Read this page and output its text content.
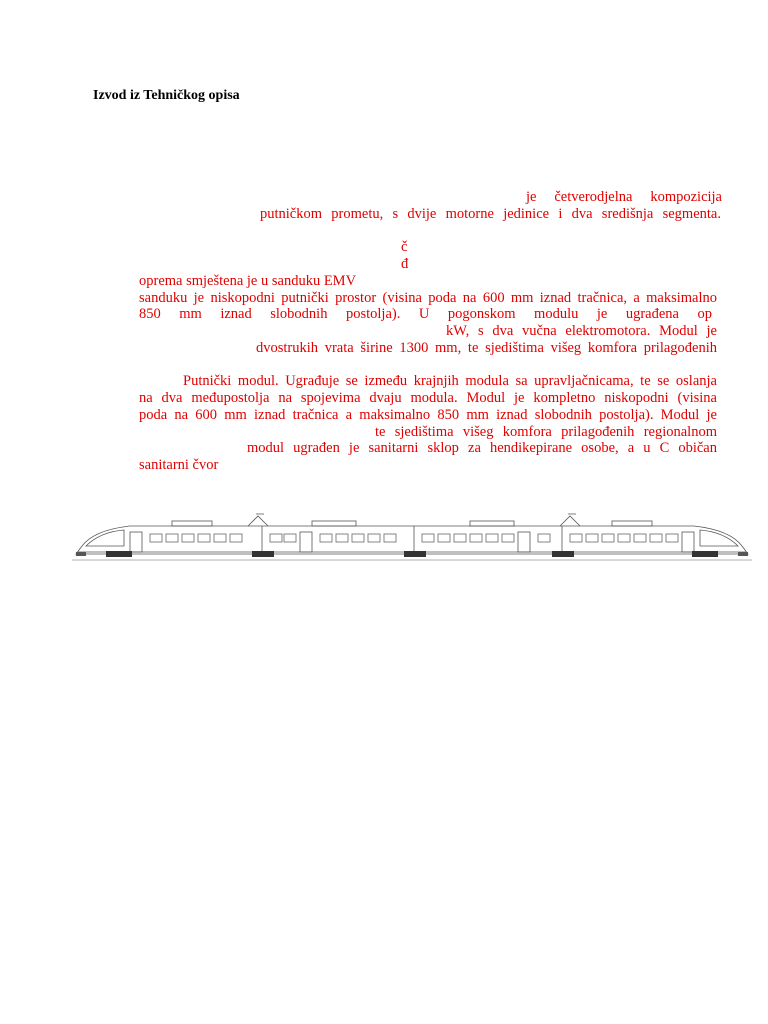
Izvod iz Tehničkog opisa
je četverodjelna kompozicija
putničkom prometu, s dvije motorne jedinice i dva središnja segmenta.
č
đ
oprema smještena je u sanduku EMV
sanduku je niskopodni putnički prostor (visina poda na 600 mm iznad tračnica, a maksimalno
850 mm iznad slobodnih postolja). U pogonskom modulu je ugrađena op
kW, s dva vučna elektromotora. Modul je
dvostrukih vrata širine 1300 mm, te sjedištima višeg komfora prilagođenih
Putnički modul. Ugrađuje se između krajnjih modula sa upravljačnicama, te se oslanja
na dva međupostolja na spojevima dvaju modula. Modul je kompletno niskopodni (visina
poda na 600 mm iznad tračnica a maksimalno 850 mm iznad slobodnih postolja). Modul je
te sjedištima višeg komfora prilagođenih regionalnom
modul ugrađen je sanitarni sklop za hendikepirane osobe, a u C običan
sanitarni čvor
